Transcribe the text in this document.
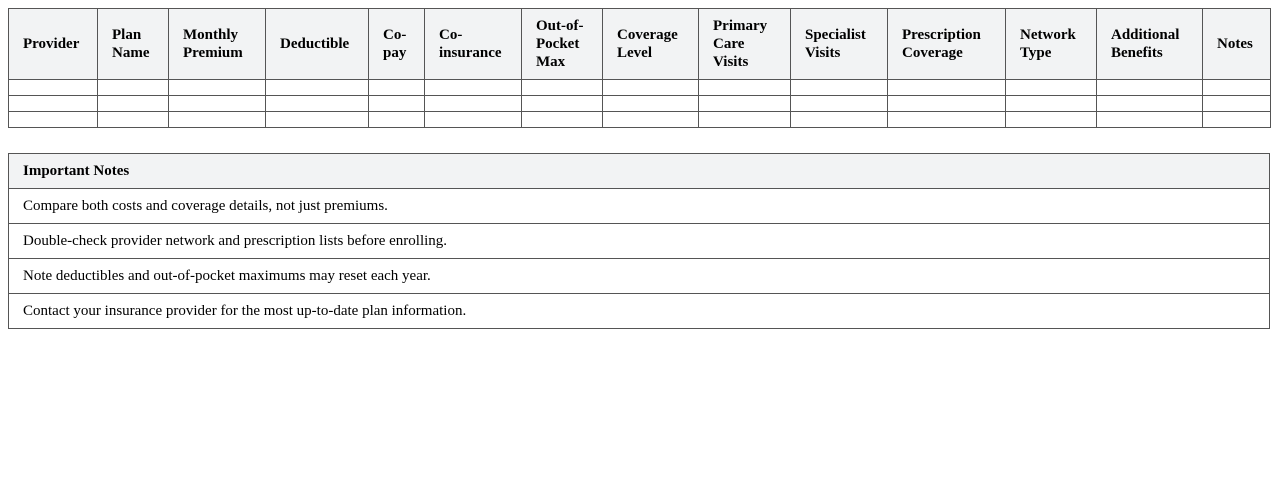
Provider	Plan Name	Monthly Premium	Deductible	Co-pay	Co-insurance	Out-of-Pocket Max	Coverage Level	Primary Care Visits	Specialist Visits	Prescription Coverage	Network Type	Additional Benefits	Notes

Important Notes
Compare both costs and coverage details, not just premiums.
Double-check provider network and prescription lists before enrolling.
Note deductibles and out-of-pocket maximums may reset each year.
Contact your insurance provider for the most up-to-date plan information.
